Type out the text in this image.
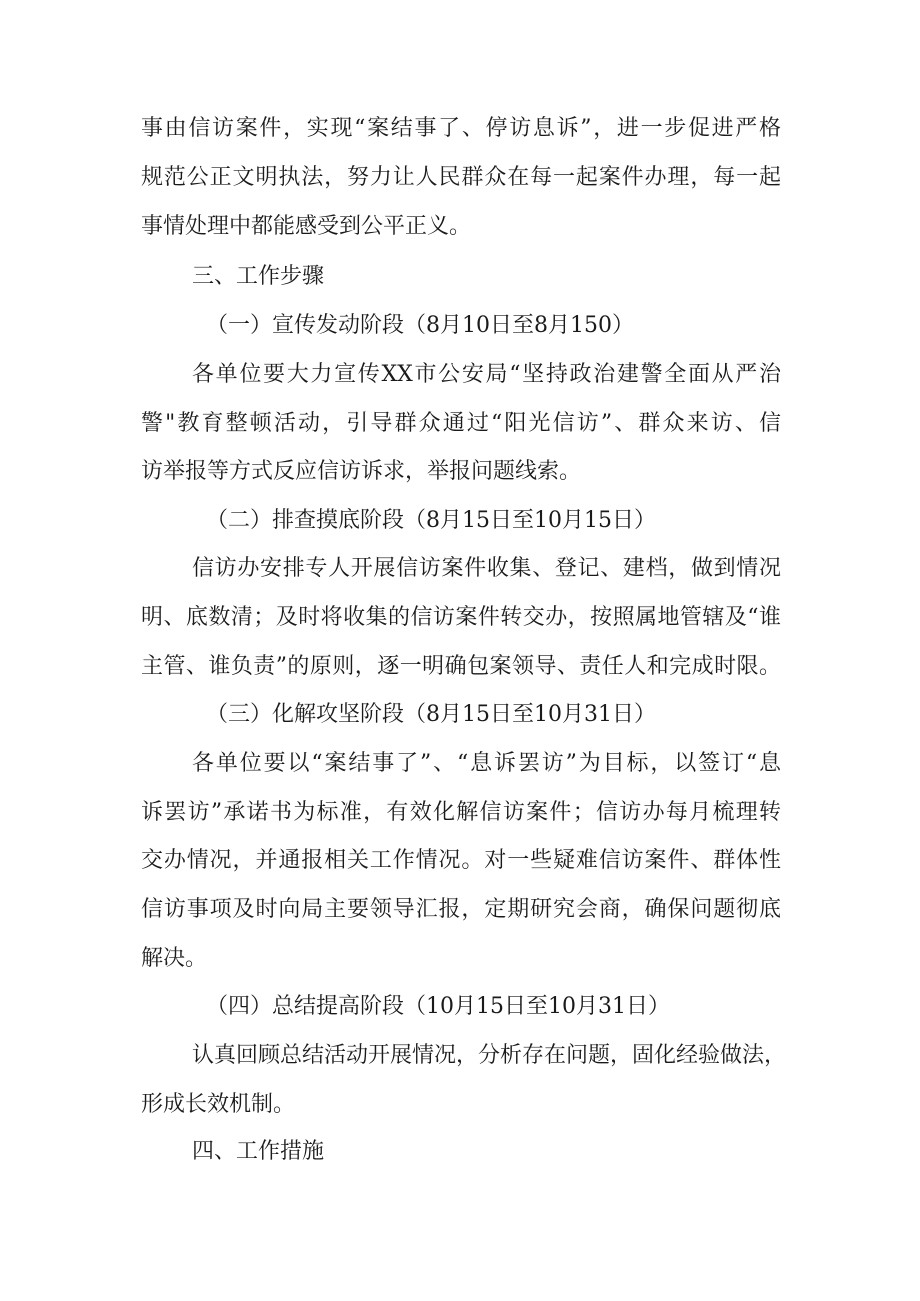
事由信访案件，实现“案结事了、停访息诉”，进一步促进严格
规范公正文明执法，努力让人民群众在每一起案件办理，每一起
事情处理中都能感受到公平正义。
三、工作步骤
（一）宣传发动阶段（8月10日至8月150）
各单位要大力宣传XX市公安局“坚持政治建警全面从严治
警"教育整顿活动，引导群众通过“阳光信访”、群众来访、信
访举报等方式反应信访诉求，举报问题线索。
（二）排查摸底阶段（8月15日至10月15日）
信访办安排专人开展信访案件收集、登记、建档，做到情况
明、底数清；及时将收集的信访案件转交办，按照属地管辖及“谁
主管、谁负责”的原则，逐一明确包案领导、责任人和完成时限。
（三）化解攻坚阶段（8月15日至10月31日）
各单位要以“案结事了”、“息诉罢访”为目标，以签订“息
诉罢访”承诺书为标准，有效化解信访案件；信访办每月梳理转
交办情况，并通报相关工作情况。对一些疑难信访案件、群体性
信访事项及时向局主要领导汇报，定期研究会商，确保问题彻底
解决。
（四）总结提高阶段（10月15日至10月31日）
认真回顾总结活动开展情况，分析存在问题，固化经验做法，
形成长效机制。
四、工作措施
